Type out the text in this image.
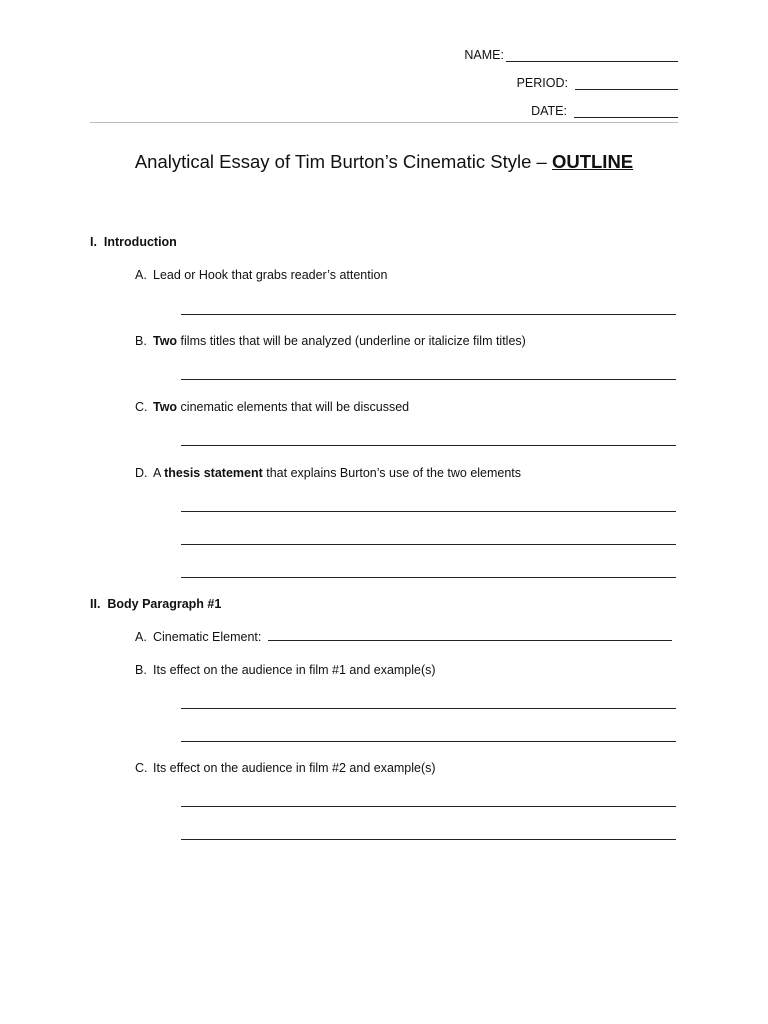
NAME:
PERIOD:
DATE:
Analytical Essay of Tim Burton’s Cinematic Style – OUTLINE
I. Introduction
A. Lead or Hook that grabs reader’s attention
B. Two films titles that will be analyzed (underline or italicize film titles)
C. Two cinematic elements that will be discussed
D. A thesis statement that explains Burton’s use of the two elements
II. Body Paragraph #1
A. Cinematic Element:
B. Its effect on the audience in film #1 and example(s)
C. Its effect on the audience in film #2 and example(s)
